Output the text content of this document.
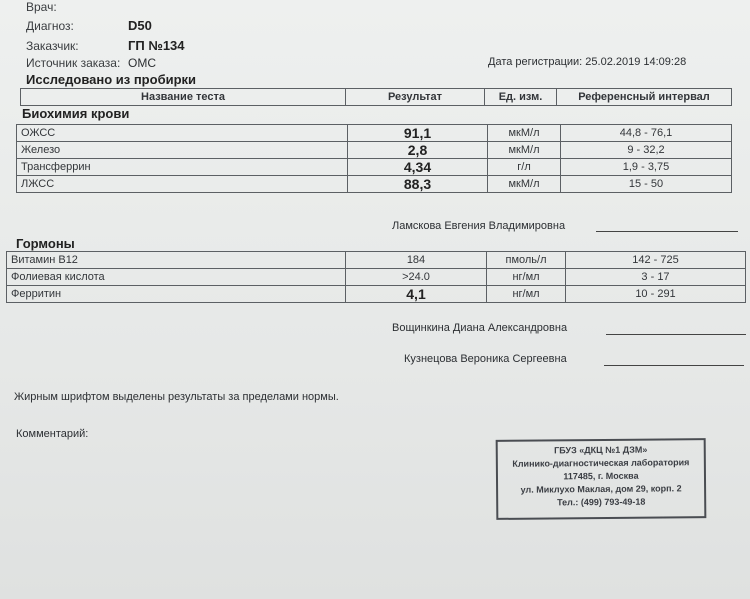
Врач:
Диагноз:	D50
Заказчик:	ГП №134
Источник заказа: ОМС	Дата регистрации: 25.02.2019 14:09:28
Исследовано из пробирки
Название теста	Результат	Ед. изм.	Референсный интервал
Биохимия крови
ОЖСС	91,1	мкМ/л	44,8 - 76,1
Железо	2,8	мкМ/л	9 - 32,2
Трансферрин	4,34	г/л	1,9 - 3,75
ЛЖСС	88,3	мкМ/л	15 - 50
Ламскова Евгения Владимировна
Гормоны
Витамин В12	184	пмоль/л	142 - 725
Фолиевая кислота	>24.0	нг/мл	3 - 17
Ферритин	4,1	нг/мл	10 - 291
Вощинкина Диана Александровна
Кузнецова Вероника Сергеевна
Жирным шрифтом выделены результаты за пределами нормы.
Комментарий:
ГБУЗ «ДКЦ №1 ДЗМ»
Клинико-диагностическая лаборатория
117485, г. Москва
ул. Миклухо Маклая, дом 29, корп. 2
Тел.: (499) 793-49-18
